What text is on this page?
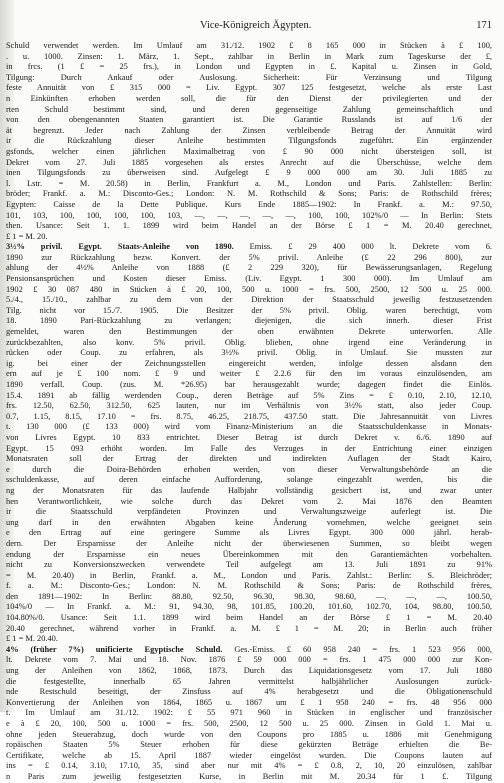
Vice-Königreich Ägypten.	171
Schuld verwendet werden. Im Umlauf am 31./12. 1902 £ 8 165 000 in Stücken à £ 100,
. u. 1000. Zinsen: 1. März, 1. Sept., zahlbar in Berlin in Mark zum Tageskurse der £,
in frcs. (1 £ = 25 frs.), in London und Egypten in £. Kapital u. Zinsen in Gold,
Tilgung: Durch Ankauf oder Auslosung. Sicherheit: Für Verzinsung und Tilgung
feste Annuität von £ 315 000 = Liv. Egypt. 307 125 festgesetzt, welche als erste Last
n Einkünften erhoben werden soll, die für den Dienst der privilegierten und der
rten Schuld bestimmt sind, und deren gegenseitige Zahlung gemeinschaftlich und
von den obengenannten Staaten garantiert ist. Die Garantie Russlands ist auf 1/6 der
ät begrenzt. Jeder nach Zahlung der Zinsen verbleibende Betrag der Annuität wird
ir die Rückzahlung dieser Anleihe bestimmten Tilgungsfonds zugeführt. Ein ergänzender
gsfonds, welcher einen jährlichen Maximalbetrag von £ 90 000 nicht übersteigen soll, ist
Dekret vom 27. Juli 1885 vorgesehen als erstes Anrecht auf die Überschüsse, welche dem
inen Tilgungsfonds zu überweisen sind. Aufgelegt £ 9 000 000 am 30. Juli 1885 zu
l. Lstr. = M. 20.58) in Berlin, Frankfurt a. M., London und Paris. Zahlstellen: Berlin:
bröder; Frankf. a. M.: Disconto-Ges.; London: N. M. Rothschild & Sons; Paris: de Rothschild frères;
Egypten: Caisse de la Dette Publique. Kurs Ende 1885—1902: In Frankf. a. M.: 97.50,
101, 103, 100, 100, 100, 100, 103, —, —, —, —, —, 100, 100, 102%/0 — In Berlin: Stets
then. Usance: Seit 1. 1. 1899 wird beim Handel an der Börse £ 1 = M. 20.40 gerechnet,
£ 1 = M. 20.
3½% privil. Egypt. Staats-Anleihe von 1890. Emiss. £ 29 400 000 lt. Dekrete vom 6.
1890 zur Rückzahlung bezw. Konvert. der 5% privil. Anleihe (£ 22 296 800), zur
ahlung der 4½% Anleihe von 1888 (£ 2 229 320), für Bewässerungsanlagen, Regelung
Pensionsansprüchen und Kosten dieser Emiss. (Liv. Egypt. 1 300 000). Im Umlauf am
1902 £ 30 087 480 in Stücken à £ 20, 100, 500 u. 1000 = frs. 500, 2500, 12 500 u. 25 000.
5./4., 15./10., zahlbar zu dem von der Direktion der Staatsschuld jeweilig festzusetzenden
Tilg. nicht vor 15./7. 1905. Die Besitzer der 5% privil. Oblig. waren berechtigt, vom
18. 1890 Pari-Rückzahlung zu verlangen; diejenigen, die sich innerh. dieser Frist
gemeldet, waren den Bestimmungen der oben erwähnten Dekrete unterworfen. Alle
zurückbezahlten, also konv. 5% privil. Oblig. blieben, ohne irgend eine Veränderung in
rücken oder Coup. zu erfahren, als 3½% privil. Oblig. in Umlauf. Sie mussten zur
ig. bei einer der Zeichnungsstellen eingereicht werden, infolge dessen alsdann den
ern auf je £ 100 nom. £ 9 und weiter £ 2.2.6 für den im voraus einzulösenden, am
1890 verfall. Coup. (zus. M. *26.95) bar herausgezahlt wurde; dagegen findet die Einlös.
15.4. 1891 ab fällig werdenden Coup., deren Beträge auf 5% Zins = £ 0.10, 2.10, 12.10,
frs. 12.50, 62.50, 312.50, 625 lauten, nur im Verhältnis von 3½% statt, also jeder Coup.
0.7, 1.15, 8.15, 17.10 = frs. 8.75, 46.25, 218.75, 437.50 statt. Die Jahresannuität von Livres
t. 130 000 (£ 133 000) wird vom Finanz-Ministerium an die Staatsschuldenkasse in Monats-
von Livres Egypt. 10 833 entrichtet. Dieser Betrag ist durch Dekret v. 6./6. 1890 auf
Egypt. 15 093 erhöht worden. Im Falle des Verzuges in der Entrichtung einer einzigen
Monatsraten soll der Ertrag der direkten und indirekten Auflagen der Stadt Kairo,
e durch die Doira-Behörden erhoben werden, von dieser Verwaltungsbehörde an die
sschuldenkasse, auf deren einfache Aufforderung, solange eingezahlt werden, bis die
ng der Monatsraten für das laufende Halbjahr vollständig gesichert ist, und zwar unter
hen Verantwortlichkeit, wie solche durch das Dekret vom 2. Mai 1876 den Beamten
ir die Staatsschuld verpfändeten Provinzen und Verwaltungszweige auferlegt ist. Die
ung darf in den erwähnten Abgaben keine Änderung vornehmen, welche geeignet sein
e den Ertrag auf eine geringere Summe als Livres Egypt. 300 000 jährl. herab-
dern. Der Ersparnisse der Anleihe nicht der überwiesenen Summen, so bleibt wegen
endung der Ersparnisse ein neues Übereinkommen mit den Garantiemächten vorbehalten.
nicht zu Konversionszwecken verwendete Teil aufgelegt am 13. Juli 1891 zu 91%
= M. 20.40) in Berlin, Frankf. a. M., London und Paris. Zahlst.: Berlin: S. Bleichröder;
f. a. M.: Disconto-Ges.; London: N. M. Rothschild & Sons; Paris: de Rothschild frères,
den 1891—1902: In Berlin: 88.80, 92.50, 96.30, 98.30, 98.60, —, —, —, 100.50,
104%/0 — In Frankf. a. M.: 91, 94.30, 98, 101.85, 100.20, 101.60, 102.70, 104, 98.80, 100.50,
104.80%/0. Usance: Seit 1.1. 1899 wird beim Handel an der Börse £ 1 = M. 20.40
20.40 gerechnet, während vorher in Frankf. a. M. £ 1 = M. 20; in Berlin auch früher
£ 1 = M. 20.40.
4% (früher 7%) unificierte Egyptische Schuld. Ges.-Emiss. £ 60 958 240 = frs. 1 523 956 000,
lt. Dekrete vom 7. Mai und 18. Nov. 1876 £ 59 000 000 = frs. 1 475 000 000 zur Kon-
ung der Anleihen von 1862, 1868, 1873. Durch das Liquidationsgesetz vom 17. Juli 1880
die festgestellte, innerhalb 65 Jahren vermittelst halbjährlicher Auslosungen zurück-
nde Restschuld beseitigt, der Zinsfuss auf 4% herabgesetzt und die Obligationenschuld
Konvertierung der Anleihen von 1864, 1865 u. 1867 um £ 1 958 240 = frs. 48 956 000
t. Im Umlauf am 31./12. 1902: £ 55 971 960 in Stücken in englischer und französischer
e à £ 20, 100, 500 u. 1000 = frs. 500, 2500, 12 500 u. 25 000. Zinsen in Gold 1. Mai u.
ohne jeden Steuerabzug, doch wurde von den Coupons pro 1885 u. 1886 mit Genehmigung
ropäischen Staaten 5% Steuer erhoben für diese gekürzten Beträge erhielten die Be-
Certifikate, welche ab 15. April 1887 wieder eingelöst wurden. Die Coupons lauten auf
ins = £ 0.14, 3.10, 17.10, 35, sind aber nur mit 4% = £ 0.8, 2, 10, 20 einzulösen, zahlbar
n Paris zum jeweilig festgesetzten Kurse, in Berlin mit M. 20.34 für 1 £. Tilgung
